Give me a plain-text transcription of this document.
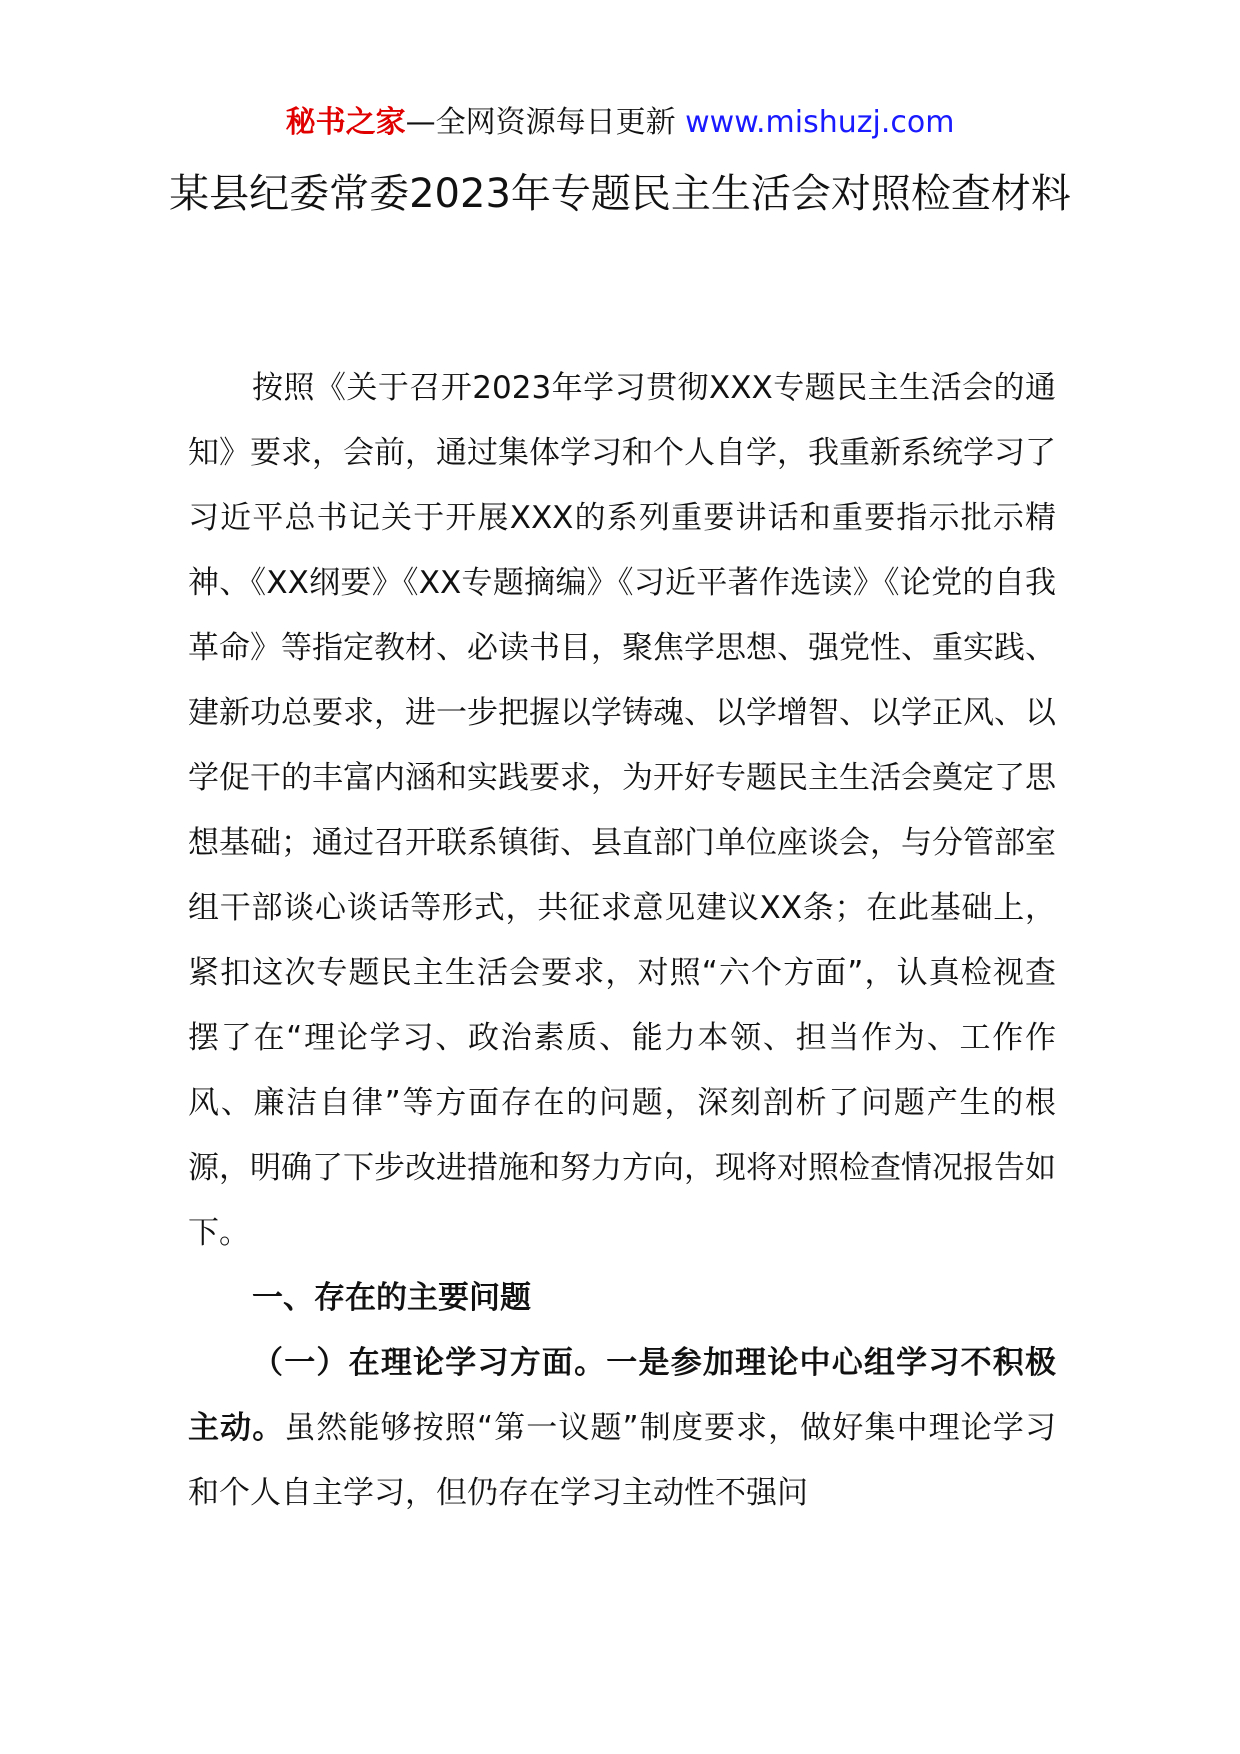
秘书之家—全网资源每日更新 www.mishuzj.com
某县纪委常委2023年专题民主生活会对照检查材料

按照《关于召开2023年学习贯彻XXX专题民主生活会的通知》要求，会前，通过集体学习和个人自学，我重新系统学习了习近平总书记关于开展XXX的系列重要讲话和重要指示批示精神、《XX纲要》《XX专题摘编》《习近平著作选读》《论党的自我革命》等指定教材、必读书目，聚焦学思想、强党性、重实践、建新功总要求，进一步把握以学铸魂、以学增智、以学正风、以学促干的丰富内涵和实践要求，为开好专题民主生活会奠定了思想基础；通过召开联系镇街、县直部门单位座谈会，与分管部室组干部谈心谈话等形式，共征求意见建议XX条；在此基础上，紧扣这次专题民主生活会要求，对照“六个方面”，认真检视查摆了在“理论学习、政治素质、能力本领、担当作为、工作作风、廉洁自律”等方面存在的问题，深刻剖析了问题产生的根源，明确了下步改进措施和努力方向，现将对照检查情况报告如下。

一、存在的主要问题

（一）在理论学习方面。一是参加理论中心组学习不积极主动。虽然能够按照“第一议题”制度要求，做好集中理论学习和个人自主学习，但仍存在学习主动性不强问
